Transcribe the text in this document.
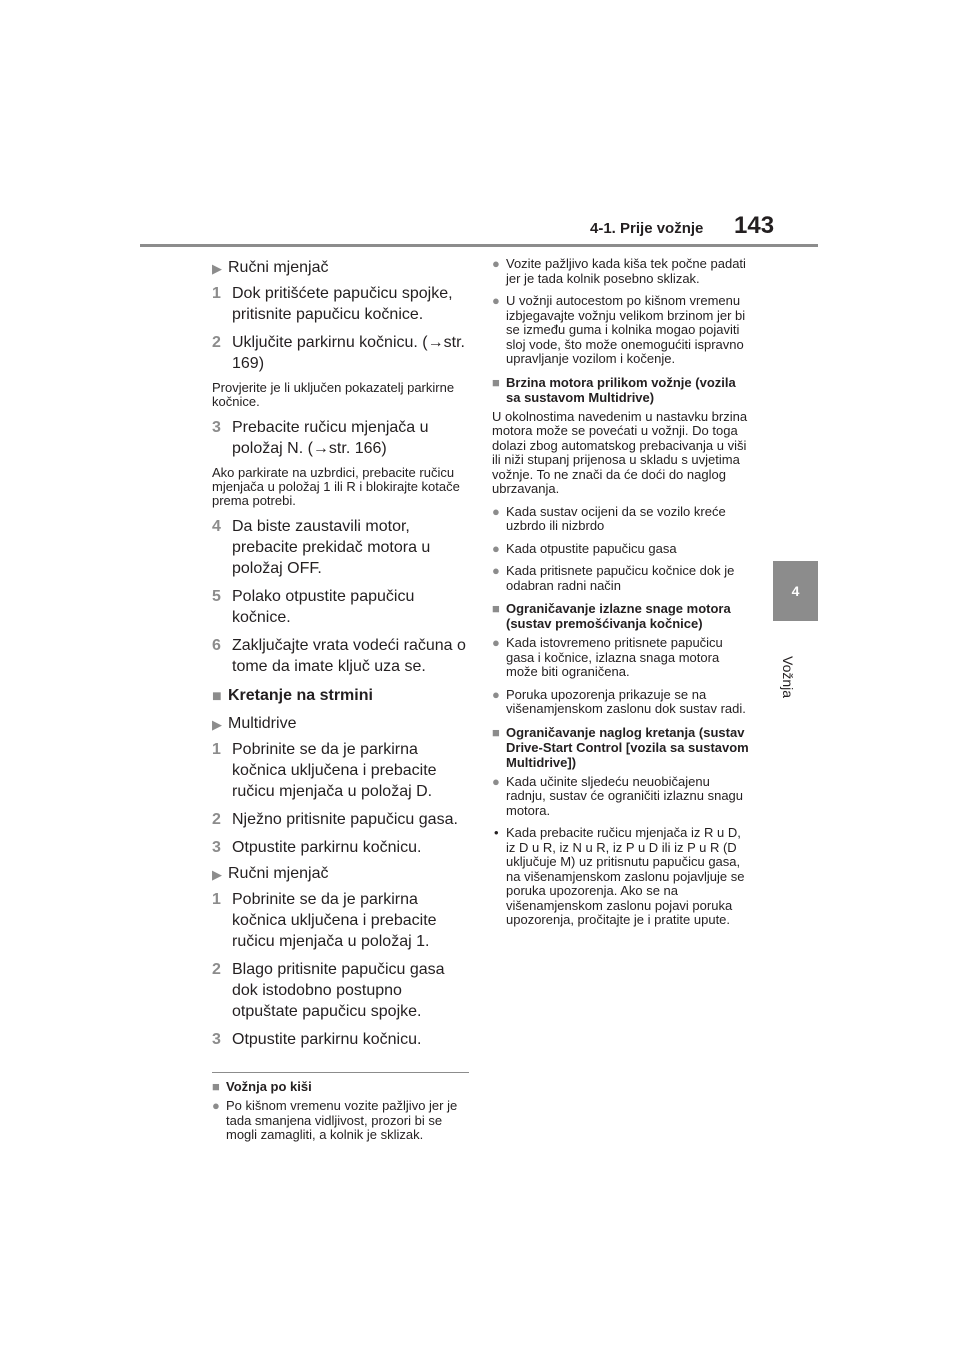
4-1. Prije vožnje 143
4
Vožnja
▶ Ručni mjenjač
1 Dok pritišćete papučicu spojke, pritisnite papučicu kočnice.
2 Uključite parkirnu kočnicu. (→str. 169)
Provjerite je li uključen pokazatelj parkirne kočnice.
3 Prebacite ručicu mjenjača u položaj N. (→str. 166)
Ako parkirate na uzbrdici, prebacite ručicu mjenjača u položaj 1 ili R i blokirajte kotače prema potrebi.
4 Da biste zaustavili motor, prebacite prekidač motora u položaj OFF.
5 Polako otpustite papučicu kočnice.
6 Zaključajte vrata vodeći računa o tome da imate ključ uza se.
■ Kretanje na strmini
▶ Multidrive
1 Pobrinite se da je parkirna kočnica uključena i prebacite ručicu mjenjača u položaj D.
2 Nježno pritisnite papučicu gasa.
3 Otpustite parkirnu kočnicu.
▶ Ručni mjenjač
1 Pobrinite se da je parkirna kočnica uključena i prebacite ručicu mjenjača u položaj 1.
2 Blago pritisnite papučicu gasa dok istodobno postupno otpuštate papučicu spojke.
3 Otpustite parkirnu kočnicu.
■ Vožnja po kiši
● Po kišnom vremenu vozite pažljivo jer je tada smanjena vidljivost, prozori bi se mogli zamagliti, a kolnik je sklizak.
● Vozite pažljivo kada kiša tek počne padati jer je tada kolnik posebno sklizak.
● U vožnji autocestom po kišnom vremenu izbjegavajte vožnju velikom brzinom jer bi se između guma i kolnika mogao pojaviti sloj vode, što može onemogućiti ispravno upravljanje vozilom i kočenje.
■ Brzina motora prilikom vožnje (vozila sa sustavom Multidrive)
U okolnostima navedenim u nastavku brzina motora može se povećati u vožnji. Do toga dolazi zbog automatskog prebacivanja u viši ili niži stupanj prijenosa u skladu s uvjetima vožnje. To ne znači da će doći do naglog ubrzavanja.
● Kada sustav ocijeni da se vozilo kreće uzbrdo ili nizbrdo
● Kada otpustite papučicu gasa
● Kada pritisnete papučicu kočnice dok je odabran radni način
■ Ograničavanje izlazne snage motora (sustav premošćivanja kočnice)
● Kada istovremeno pritisnete papučicu gasa i kočnice, izlazna snaga motora može biti ograničena.
● Poruka upozorenja prikazuje se na višenamjenskom zaslonu dok sustav radi.
■ Ograničavanje naglog kretanja (sustav Drive-Start Control [vozila sa sustavom Multidrive])
● Kada učinite sljedeću neuobičajenu radnju, sustav će ograničiti izlaznu snagu motora.
• Kada prebacite ručicu mjenjača iz R u D, iz D u R, iz N u R, iz P u D ili iz P u R (D uključuje M) uz pritisnutu papučicu gasa, na višenamjenskom zaslonu pojavljuje se poruka upozorenja. Ako se na višenamjenskom zaslonu pojavi poruka upozorenja, pročitajte je i pratite upute.
